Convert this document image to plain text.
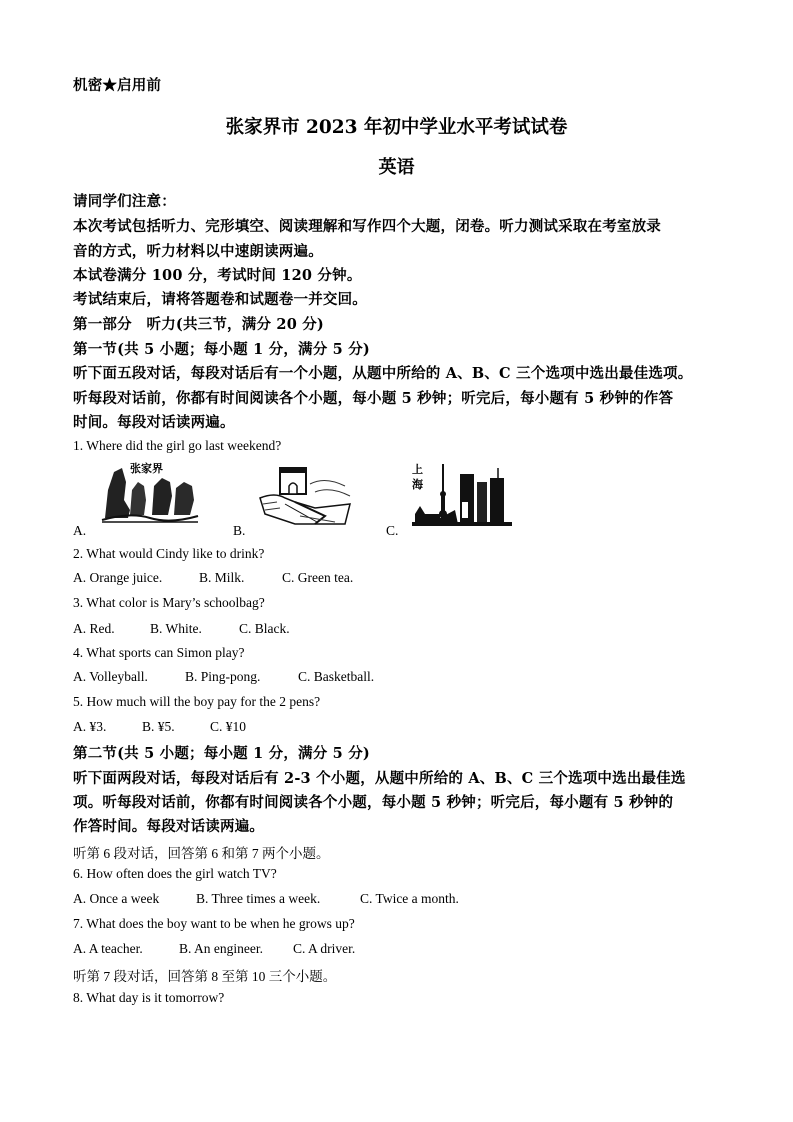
机密★启用前
张家界市 2023 年初中学业水平考试试卷
英语
请同学们注意：
本次考试包括听力、完形填空、阅读理解和写作四个大题，闭卷。听力测试采取在考室放录
音的方式，听力材料以中速朗读两遍。
本试卷满分 100 分，考试时间 120 分钟。
考试结束后，请将答题卷和试题卷一并交回。
第一部分　听力(共三节，满分 20 分)
第一节(共 5 小题；每小题 1 分，满分 5 分)
听下面五段对话，每段对话后有一个小题，从题中所给的 A、B、C 三个选项中选出最佳选项。
听每段对话前，你都有时间阅读各个小题，每小题 5 秒钟；听完后，每小题有 5 秒钟的作答
时间。每段对话读两遍。
1. Where did the girl go last weekend?
A.	B.	C.
张家界	上海
2. What would Cindy like to drink?
A. Orange juice.	B. Milk.	C. Green tea.
3. What color is Mary’s schoolbag?
A. Red.	B. White.	C. Black.
4. What sports can Simon play?
A. Volleyball.	B. Ping-pong.	C. Basketball.
5. How much will the boy pay for the 2 pens?
A. ¥3.	B. ¥5.	C. ¥10
第二节(共 5 小题；每小题 1 分，满分 5 分)
听下面两段对话，每段对话后有 2-3 个小题，从题中所给的 A、B、C 三个选项中选出最佳选
项。听每段对话前，你都有时间阅读各个小题，每小题 5 秒钟；听完后，每小题有 5 秒钟的
作答时间。每段对话读两遍。
听第 6 段对话，回答第 6 和第 7 两个小题。
6. How often does the girl watch TV?
A. Once a week	B. Three times a week.	C. Twice a month.
7. What does the boy want to be when he grows up?
A. A teacher.	B. An engineer. C. A driver.
听第 7 段对话，回答第 8 至第 10 三个小题。
8. What day is it tomorrow?
